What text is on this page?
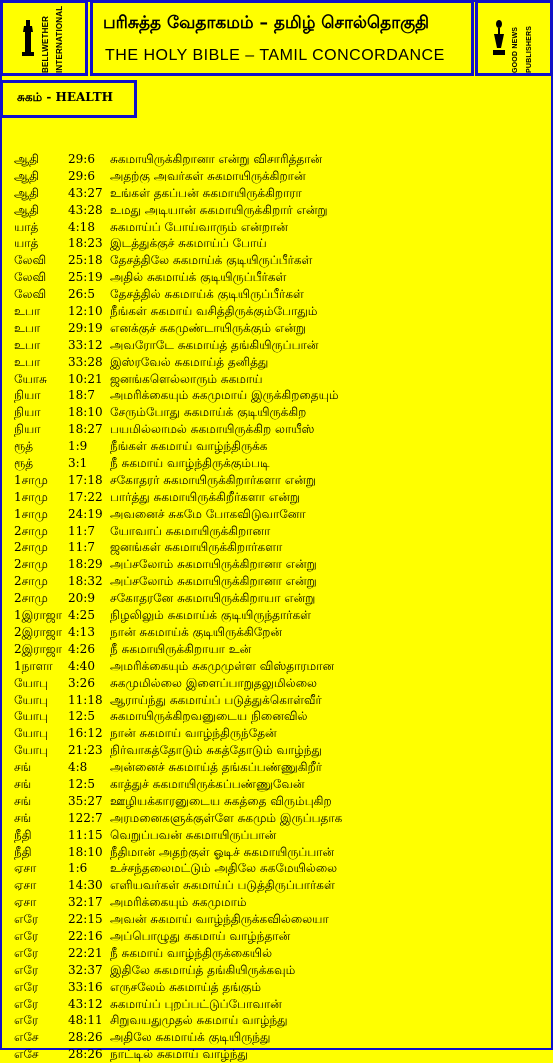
BELLWETHER INTERNATIONAL பரிசுத்த வேதாகமம் – தமிழ் சொல்தொகுதி
THE HOLY BIBLE – TAMIL CONCORDANCE	GOOD NEWS PUBLISHERS
சுகம் - HEALTH
ஆதி 29:6 சுகமாயிருக்கிறானா என்று விசாரித்தான்
ஆதி 29:6 அதற்கு அவர்கள் சுகமாயிருக்கிறான்
ஆதி 43:27 உங்கள் தகப்பன் சுகமாயிருக்கிறாரா
ஆதி 43:28 உமது அடியான் சுகமாயிருக்கிறார் என்று
யாத் 4:18 சுகமாய்ப் போய்வாரும் என்றான்
யாத் 18:23 இடத்துக்குச் சுகமாய்ப் போய்
லேவி 25:18 தேசத்திலே சுகமாய்க் குடியிருப்பீர்கள்
லேவி 25:19 அதில் சுகமாய்க் குடியிருப்பீர்கள்
லேவி 26:5 தேசத்தில் சுகமாய்க் குடியிருப்பீர்கள்
உபா 12:10 நீங்கள் சுகமாய் வசித்திருக்கும்போதும்
உபா 29:19 எனக்குச் சுகமுண்டாயிருக்கும் என்று
உபா 33:12 அவரோடே சுகமாய்த் தங்கியிருப்பான்
உபா 33:28 இஸ்ரவேல் சுகமாய்த் தனித்து
யோசு 10:21 ஜனங்களெல்லாரும் சுகமாய்
நியா 18:7 அமரிக்கையும் சுகமுமாய் இருக்கிறதையும்
நியா 18:10 சேரும்போது சுகமாய்க் குடியிருக்கிற
நியா 18:27 பயமில்லாமல் சுகமாயிருக்கிற லாயீஸ்
ரூத்	1:9 நீங்கள் சுகமாய் வாழ்ந்திருக்க
ரூத்	3:1 நீ சுகமாய் வாழ்ந்திருக்கும்படி
1சாமு 17:18 சகோதரர் சுகமாயிருக்கிறார்களா என்று
1சாமு 17:22 பார்த்து சுகமாயிருக்கிறீர்களா என்று
1சாமு 24:19 அவனைச் சுகமே போகவிடுவானோ
2சாமு 11:7 யோவாப் சுகமாயிருக்கிறானா
2சாமு 11:7 ஜனங்கள் சுகமாயிருக்கிறார்களா
2சாமு 18:29 அப்சலோம் சுகமாயிருக்கிறானா என்று
2சாமு 18:32 அப்சலோம் சுகமாயிருக்கிறானா என்று
2சாமு 20:9 சகோதரனே சுகமாயிருக்கிறாயா என்று
1இராஜா 4:25 நிழலிலும் சுகமாய்க் குடியிருந்தார்கள்
2இராஜா 4:13 நான் சுகமாய்க் குடியிருக்கிறேன்
2இராஜா 4:26 நீ சுகமாயிருக்கிறாயா உன்
1நாளா 4:40 அமரிக்கையும் சுகமுமுள்ள விஸ்தாரமான
யோபு 3:26 சுகமுமில்லை இளைப்பாறுதலுமில்லை
யோபு 11:18 ஆராய்ந்து சுகமாய்ப் படுத்துக்கொள்வீர்
யோபு 12:5 சுகமாயிருக்கிறவனுடைய நினைவில்
யோபு 16:12 நான் சுகமாய் வாழ்ந்திருந்தேன்
யோபு 21:23 நிர்வாகத்தோடும் சுகத்தோடும் வாழ்ந்து
சங்	4:8 அன்னைச் சுகமாய்த் தங்கப்பண்ணுகிறீர்
சங்	12:5 காத்துச் சுகமாயிருக்கப்பண்ணுவேன்
சங்	35:27 ஊழியக்காரனுடைய சுகத்தை விரும்புகிற
சங்	122:7 அரமனைகளுக்குள்ளே சுகமும் இருப்பதாக
நீதி	11:15 வெறுப்பவன் சுகமாயிருப்பான்
நீதி	18:10 நீதிமான் அதற்குள் ஓடிச் சுகமாயிருப்பான்
ஏசா	1:6 உச்சந்தலைமட்டும் அதிலே சுகமேயில்லை
ஏசா	14:30 எளியவர்கள் சுகமாய்ப் படுத்திருப்பார்கள்
ஏசா	32:17 அமரிக்கையும் சுகமுமாம்
எரே 22:15 அவன் சுகமாய் வாழ்ந்திருக்கவில்லையா
எரே 22:16 அப்பொழுது சுகமாய் வாழ்ந்தான்
எரே 22:21 நீ சுகமாய் வாழ்ந்திருக்கையில்
எரே 32:37 இதிலே சுகமாய்த் தங்கியிருக்கவும்
எரே 33:16 எருசலேம் சுகமாய்த் தங்கும்
எரே 43:12 சுகமாய்ப் புறப்பட்டுப்போவான்
எரே 48:11 சிறுவயதுமுதல் சுகமாய் வாழ்ந்து
எசே 28:26 அதிலே சுகமாய்க் குடியிருந்து
எசே 28:26 நாட்டில் சுகமாய் வாழ்ந்து
